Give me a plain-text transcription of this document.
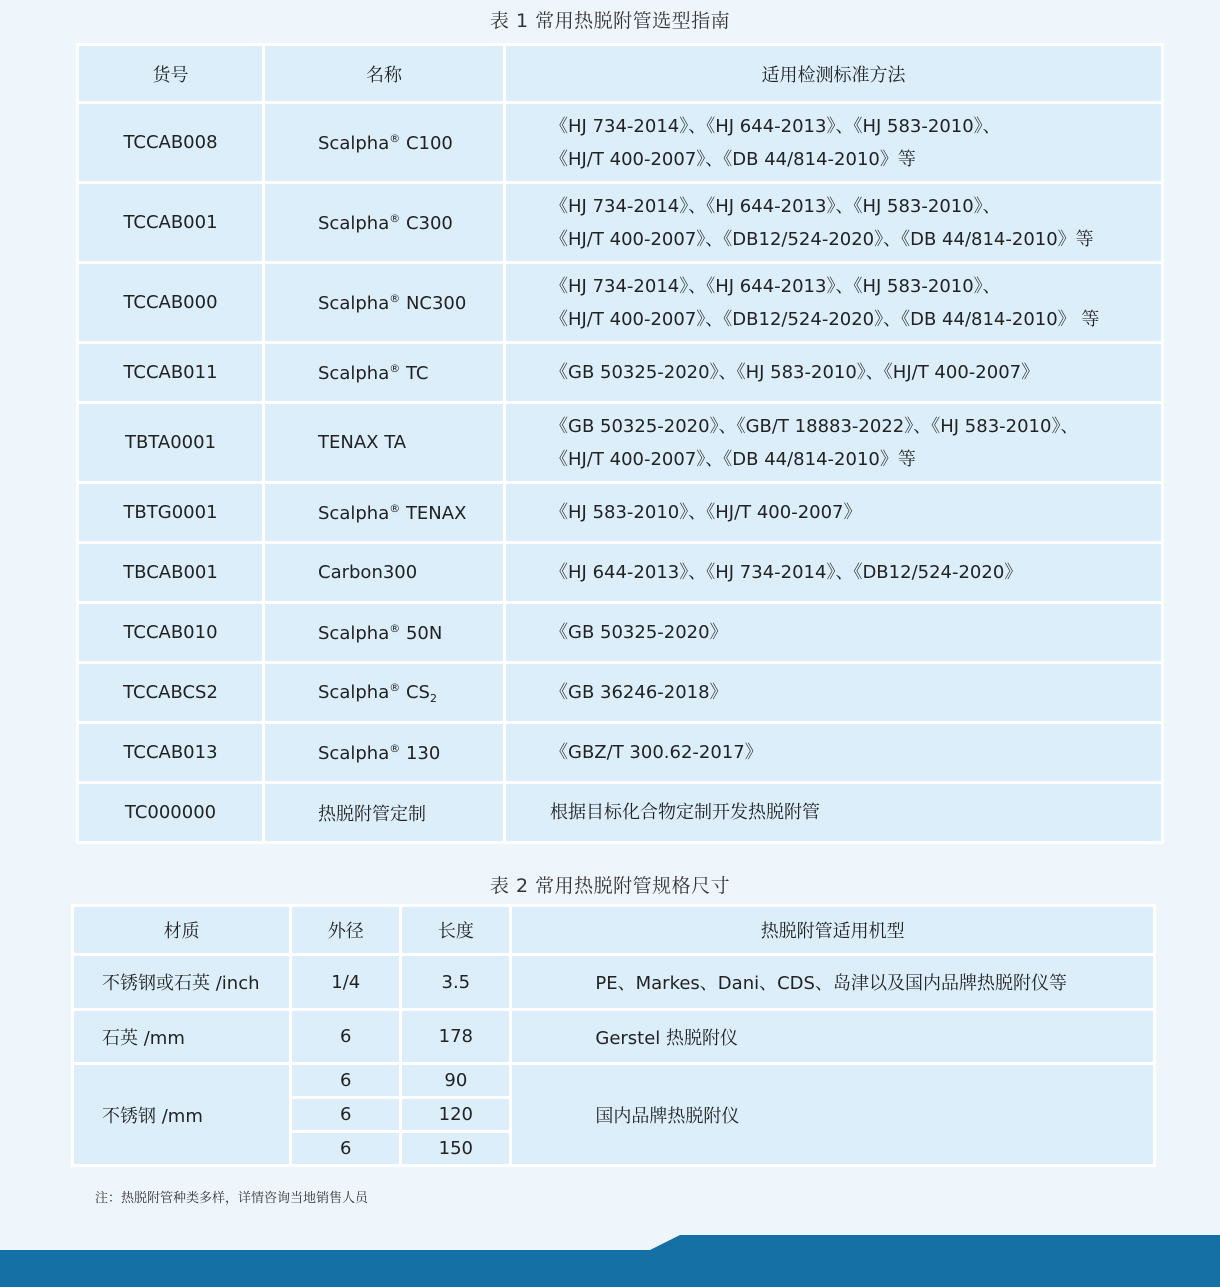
表 1 常用热脱附管选型指南
货号	名称	适用检测标准方法
TCCAB008	Scalpha® C100	《HJ 734-2014》、《HJ 644-2013》、《HJ 583-2010》、
《HJ/T 400-2007》、《DB 44/814-2010》等

TCCAB001	Scalpha® C300	《HJ 734-2014》、《HJ 644-2013》、《HJ 583-2010》、
《HJ/T 400-2007》、《DB12/524-2020》、《DB 44/814-2010》等

TCCAB000	Scalpha® NC300	《HJ 734-2014》、《HJ 644-2013》、《HJ 583-2010》、
《HJ/T 400-2007》、《DB12/524-2020》、《DB 44/814-2010》 等

TCCAB011	Scalpha® TC	《GB 50325-2020》、《HJ 583-2010》、《HJ/T 400-2007》

TBTA0001	TENAX TA	《GB 50325-2020》、《GB/T 18883-2022》、《HJ 583-2010》、
《HJ/T 400-2007》、《DB 44/814-2010》等

TBTG0001	Scalpha® TENAX	《HJ 583-2010》、《HJ/T 400-2007》

TBCAB001	Carbon300	《HJ 644-2013》、《HJ 734-2014》、《DB12/524-2020》

TCCAB010	Scalpha® 50N	《GB 50325-2020》

TCCABCS2	Scalpha® $CS_2$	《GB 36246-2018》

TCCAB013	Scalpha® 130	《GBZ/T 300.62-2017》

TC000000	热脱附管定制	根据目标化合物定制开发热脱附管
表 2 常用热脱附管规格尺寸
材质	外径	长度	热脱附管适用机型
不锈钢或石英 /inch	1/4	3.5	PE、Markes、Dani、CDS、岛津以及国内品牌热脱附仪等
石英 /mm	6	178	Gerstel 热脱附仪
不锈钢 /mm	6	90	国内品牌热脱附仪
	6	120	
	6	150	
注：热脱附管种类多样，详情咨询当地销售人员
